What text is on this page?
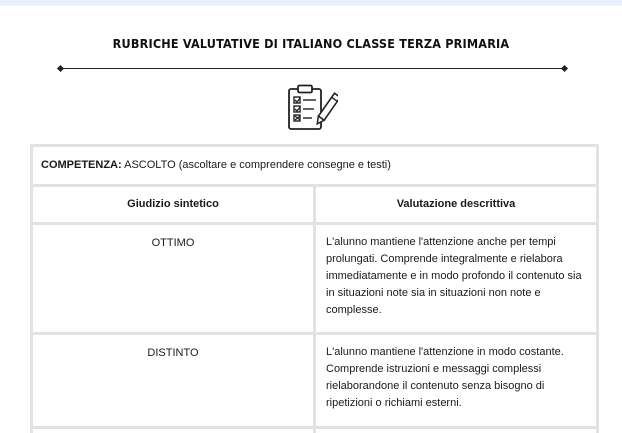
RUBRICHE VALUTATIVE DI ITALIANO CLASSE TERZA PRIMARIA
COMPETENZA: ASCOLTO (ascoltare e comprendere consegne e testi)	
Giudizio sintetico	Valutazione descrittiva
OTTIMO	L'alunno mantiene l'attenzione anche per tempi prolungati. Comprende integralmente e rielabora immediatamente e in modo profondo il contenuto sia in situazioni note sia in situazioni non note e complesse.
DISTINTO	L'alunno mantiene l'attenzione in modo costante. Comprende istruzioni e messaggi complessi rielaborandone il contenuto senza bisogno di ripetizioni o richiami esterni.
